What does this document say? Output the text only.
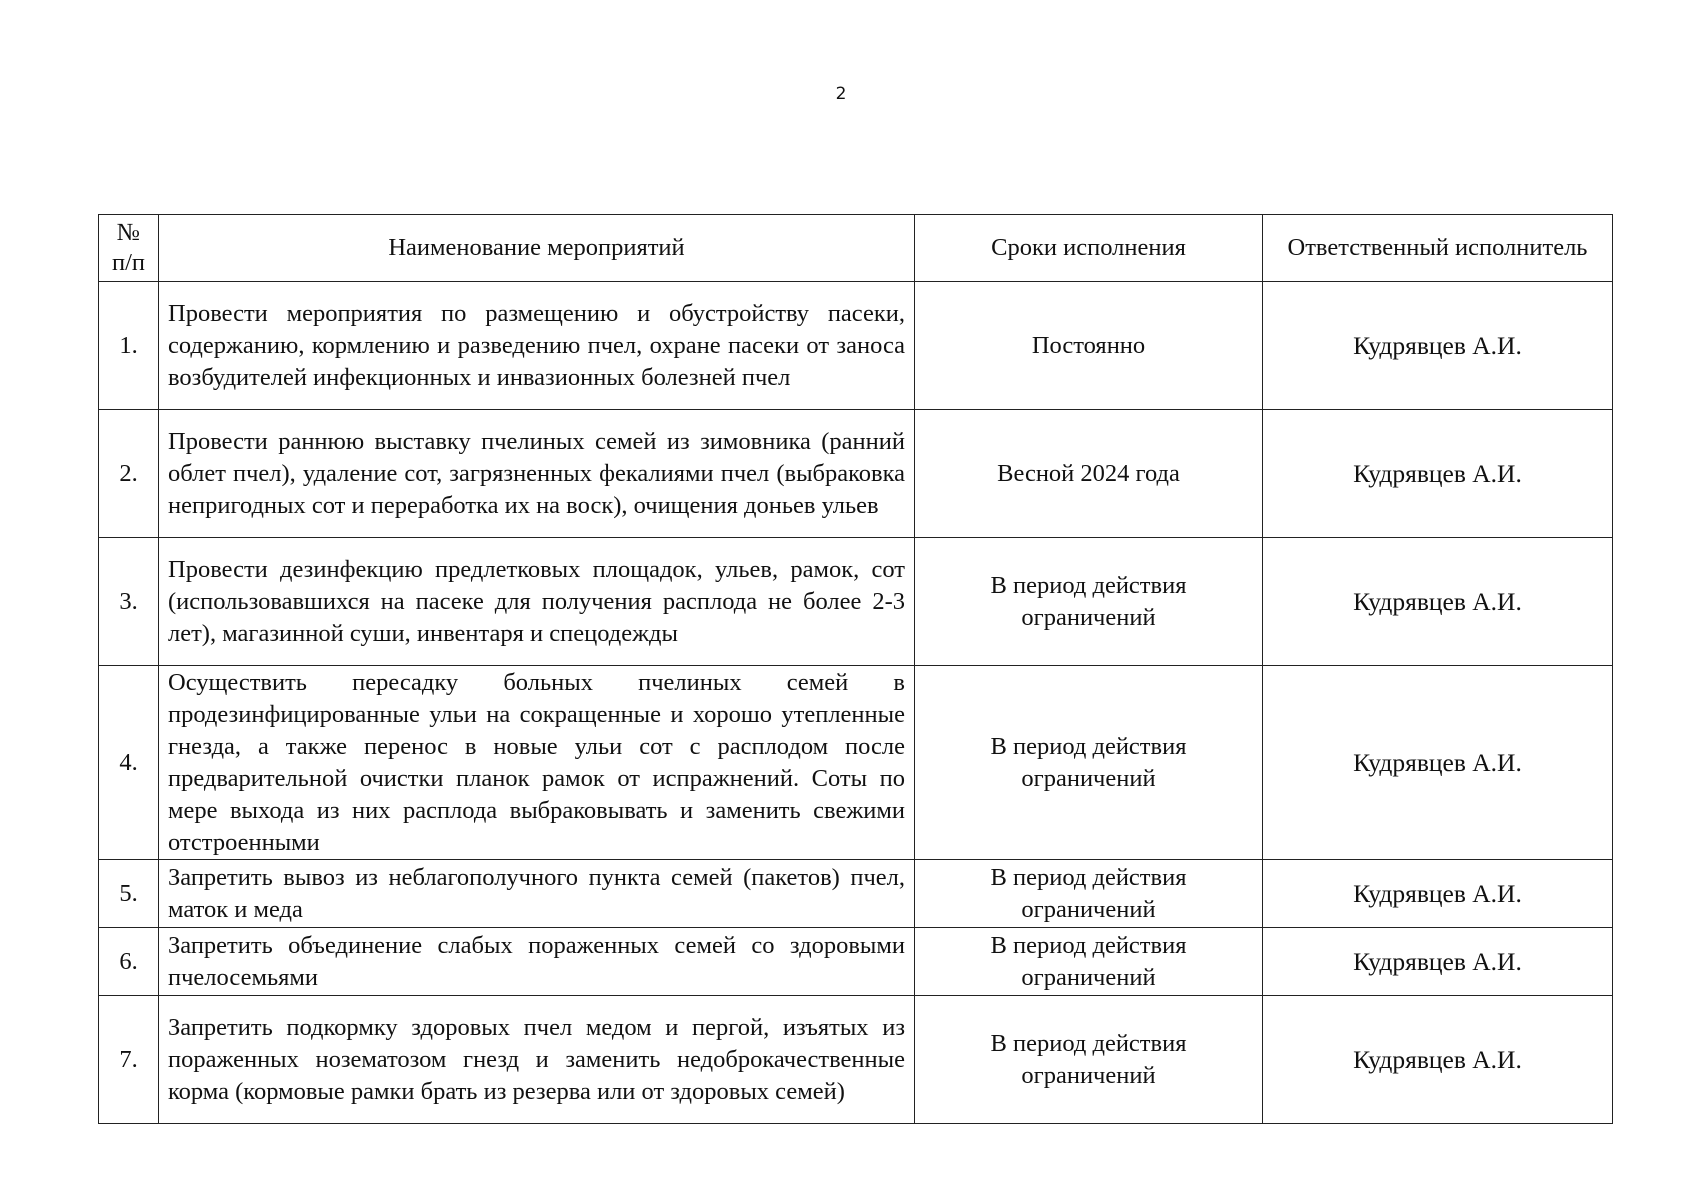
2
№ п/п	Наименование мероприятий	Сроки исполнения	Ответственный исполнитель
1.	Провести мероприятия по размещению и обустройству пасеки, содержанию, кормлению и разведению пчел, охране пасеки от заноса возбудителей инфекционных и инвазионных болезней пчел	Постоянно	Кудрявцев А.И.
2.	Провести раннюю выставку пчелиных семей из зимовника (ранний облет пчел), удаление сот, загрязненных фекалиями пчел (выбраковка непригодных сот и переработка их на воск), очищения доньев ульев	Весной 2024 года	Кудрявцев А.И.
3.	Провести дезинфекцию предлетковых площадок, ульев, рамок, сот (использовавшихся на пасеке для получения расплода не более 2-3 лет), магазинной суши, инвентаря и спецодежды	В период действия ограничений	Кудрявцев А.И.
4.	Осуществить пересадку больных пчелиных семей в продезинфицированные ульи на сокращенные и хорошо утепленные гнезда, а также перенос в новые ульи сот с расплодом после предварительной очистки планок рамок от испражнений. Соты по мере выхода из них расплода выбраковывать и заменить свежими отстроенными	В период действия ограничений	Кудрявцев А.И.
5.	Запретить вывоз из неблагополучного пункта семей (пакетов) пчел, маток и меда	В период действия ограничений	Кудрявцев А.И.
6.	Запретить объединение слабых пораженных семей со здоровыми пчелосемьями	В период действия ограничений	Кудрявцев А.И.
7.	Запретить подкормку здоровых пчел медом и пергой, изъятых из пораженных нозематозом гнезд и заменить недоброкачественные корма (кормовые рамки брать из резерва или от здоровых семей)	В период действия ограничений	Кудрявцев А.И.
